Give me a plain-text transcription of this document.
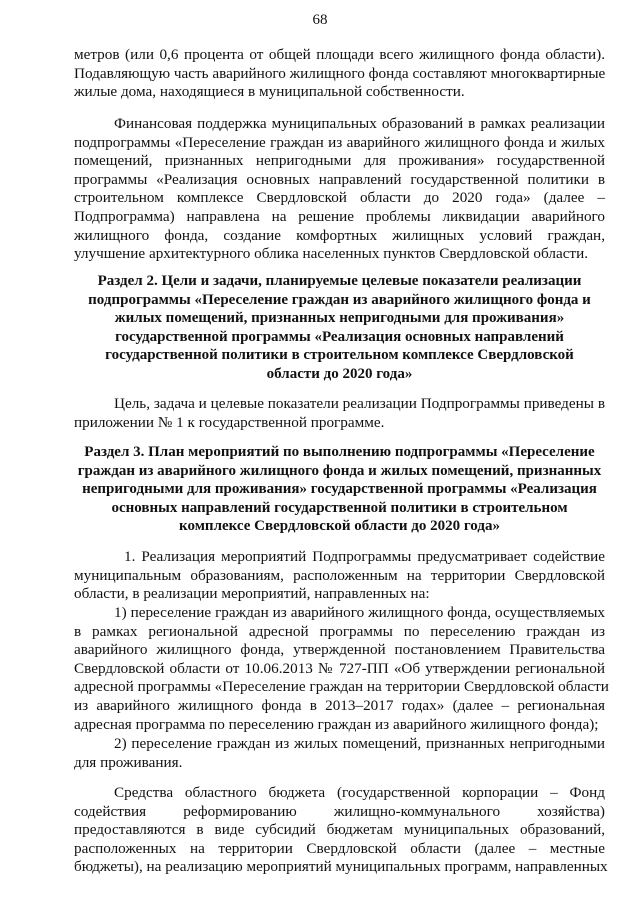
68
метров (или 0,6 процента от общей площади всего жилищного фонда области).
Подавляющую часть аварийного жилищного фонда составляют многоквартирные
жилые дома, находящиеся в муниципальной собственности.
Финансовая поддержка муниципальных образований в рамках реализации
подпрограммы «Переселение граждан из аварийного жилищного фонда и жилых
помещений, признанных непригодными для проживания» государственной
программы «Реализация основных направлений государственной политики в
строительном комплексе Свердловской области до 2020 года» (далее –
Подпрограмма) направлена на решение проблемы ликвидации аварийного
жилищного фонда, создание комфортных жилищных условий граждан,
улучшение архитектурного облика населенных пунктов Свердловской области.
Раздел 2. Цели и задачи, планируемые целевые показатели реализации
подпрограммы «Переселение граждан из аварийного жилищного фонда и
жилых помещений, признанных непригодными для проживания»
государственной программы «Реализация основных направлений
государственной политики в строительном комплексе Свердловской
области до 2020 года»
Цель, задача и целевые показатели реализации Подпрограммы приведены в
приложении № 1 к государственной программе.
Раздел 3. План мероприятий по выполнению подпрограммы «Переселение
граждан из аварийного жилищного фонда и жилых помещений, признанных
непригодными для проживания» государственной программы «Реализация
основных направлений государственной политики в строительном
комплексе Свердловской области до 2020 года»
1. Реализация мероприятий Подпрограммы предусматривает содействие
муниципальным образованиям, расположенным на территории Свердловской
области, в реализации мероприятий, направленных на:
1) переселение граждан из аварийного жилищного фонда, осуществляемых
в рамках региональной адресной программы по переселению граждан из
аварийного жилищного фонда, утвержденной постановлением Правительства
Свердловской области от 10.06.2013 № 727-ПП «Об утверждении региональной
адресной программы «Переселение граждан на территории Свердловской области
из аварийного жилищного фонда в 2013–2017 годах» (далее – региональная
адресная программа по переселению граждан из аварийного жилищного фонда);
2) переселение граждан из жилых помещений, признанных непригодными
для проживания.
Средства областного бюджета (государственной корпорации – Фонд
содействия реформированию жилищно-коммунального хозяйства)
предоставляются в виде субсидий бюджетам муниципальных образований,
расположенных на территории Свердловской области (далее – местные
бюджеты), на реализацию мероприятий муниципальных программ, направленных
